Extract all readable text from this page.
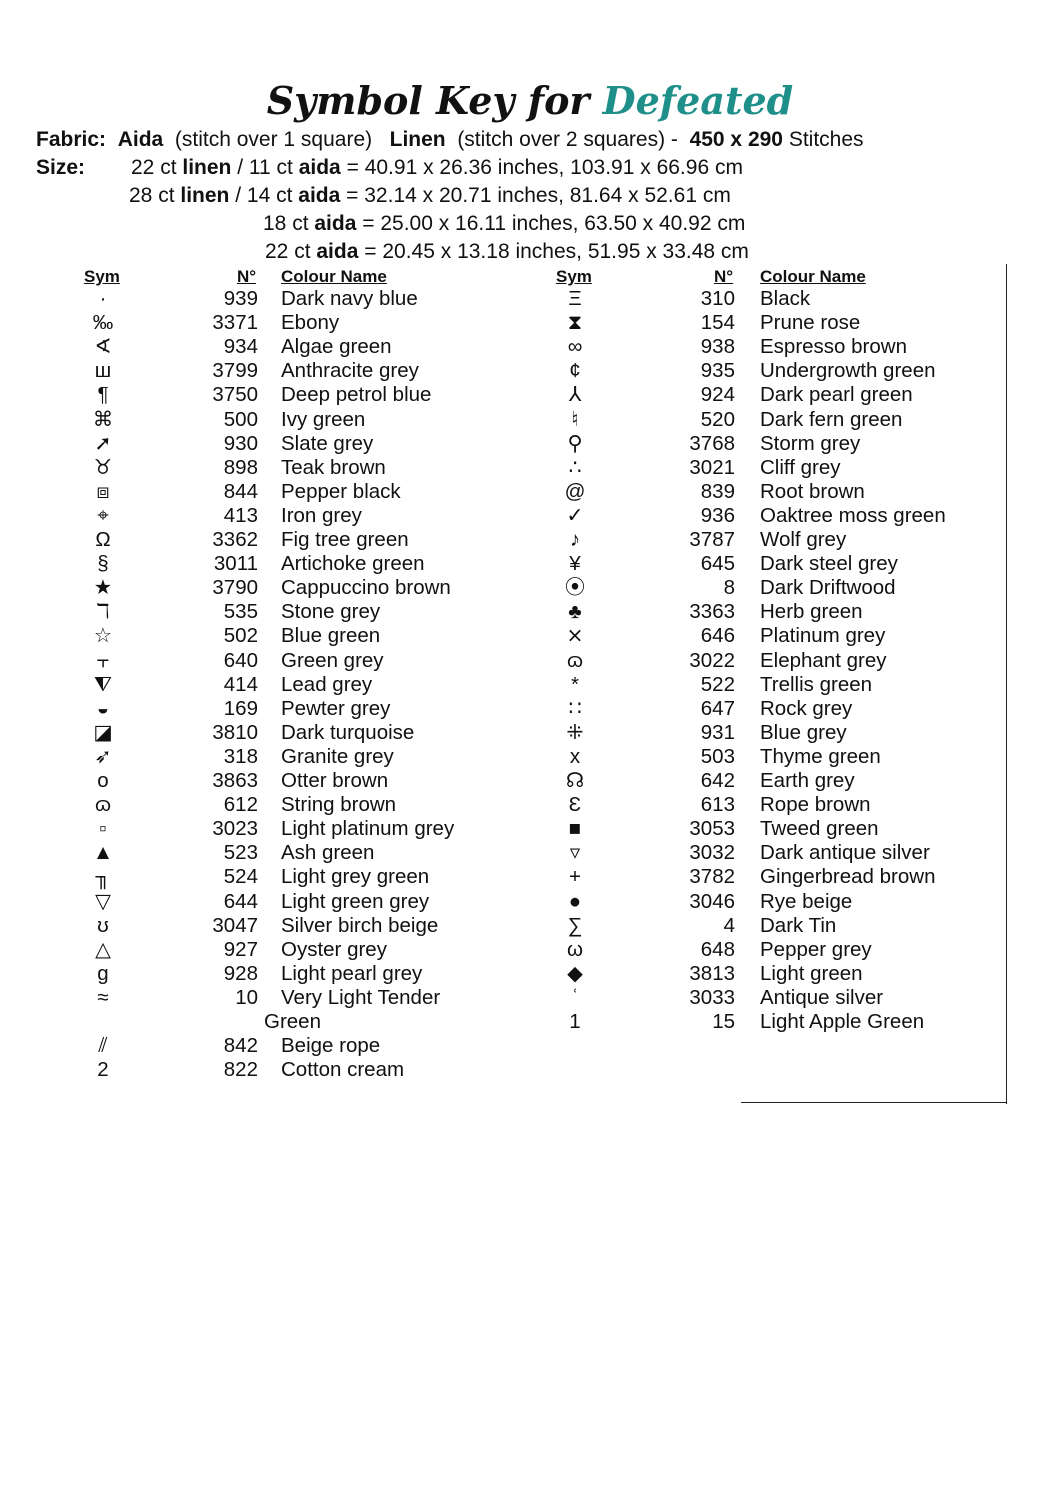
Symbol Key for Defeated
Fabric: Aida (stitch over 1 square) Linen (stitch over 2 squares) - 450 x 290 Stitches
Size: 22 ct linen / 11 ct aida = 40.91 x 26.36 inches, 103.91 x 66.96 cm
28 ct linen / 14 ct aida = 32.14 x 20.71 inches, 81.64 x 52.61 cm
18 ct aida = 25.00 x 16.11 inches, 63.50 x 40.92 cm
22 ct aida = 20.45 x 13.18 inches, 51.95 x 33.48 cm
Sym	N° Colour Name	Sym	N° Colour Name
·	939 Dark navy blue
‰	3371 Ebony
∢	934 Algae green
ш	3799 Anthracite grey
¶	3750 Deep petrol blue
⌘	500 Ivy green
➚	930 Slate grey
♉	898 Teak brown
⧈	844 Pepper black
⌖	413 Iron grey
Ω	3362 Fig tree green
§	3011 Artichoke green
★	3790 Cappuccino brown
ℸ	535 Stone grey
☆	502 Blue green
⫟	640 Green grey
⧨	414 Lead grey
◒	169 Pewter grey
◪	3810 Dark turquoise
➶	318 Granite grey
o	3863 Otter brown
ɷ	612 String brown
▫	3023 Light platinum grey
▲	523 Ash green
╖	524 Light grey green
▽	644 Light green grey
ʊ	3047 Silver birch beige
△	927 Oyster grey
g	928 Light pearl grey
≈	10 Very Light Tender
Green
⫽	842 Beige rope
2	822 Cotton cream
Ξ	310 Black
⧗	154 Prune rose
∞	938 Espresso brown
¢	935 Undergrowth green
⅄	924 Dark pearl green
♮	520 Dark fern green
⚲	3768 Storm grey
∴	3021 Cliff grey
@	839 Root brown
✓	936 Oaktree moss green
♪	3787 Wolf grey
¥	645 Dark steel grey
⦿	8 Dark Driftwood
♣	3363 Herb green
⨯	646 Platinum grey
ɷ	3022 Elephant grey
*	522 Trellis green
∷	647 Rock grey
⁜	931 Blue grey
x	503 Thyme green
☊	642 Earth grey
Ɛ	613 Rope brown
■	3053 Tweed green
▿	3032 Dark antique silver
+	3782 Gingerbread brown
●	3046 Rye beige
∑	4 Dark Tin
ω	648 Pepper grey
◆	3813 Light green
ʿ	3033 Antique silver
1	15 Light Apple Green
